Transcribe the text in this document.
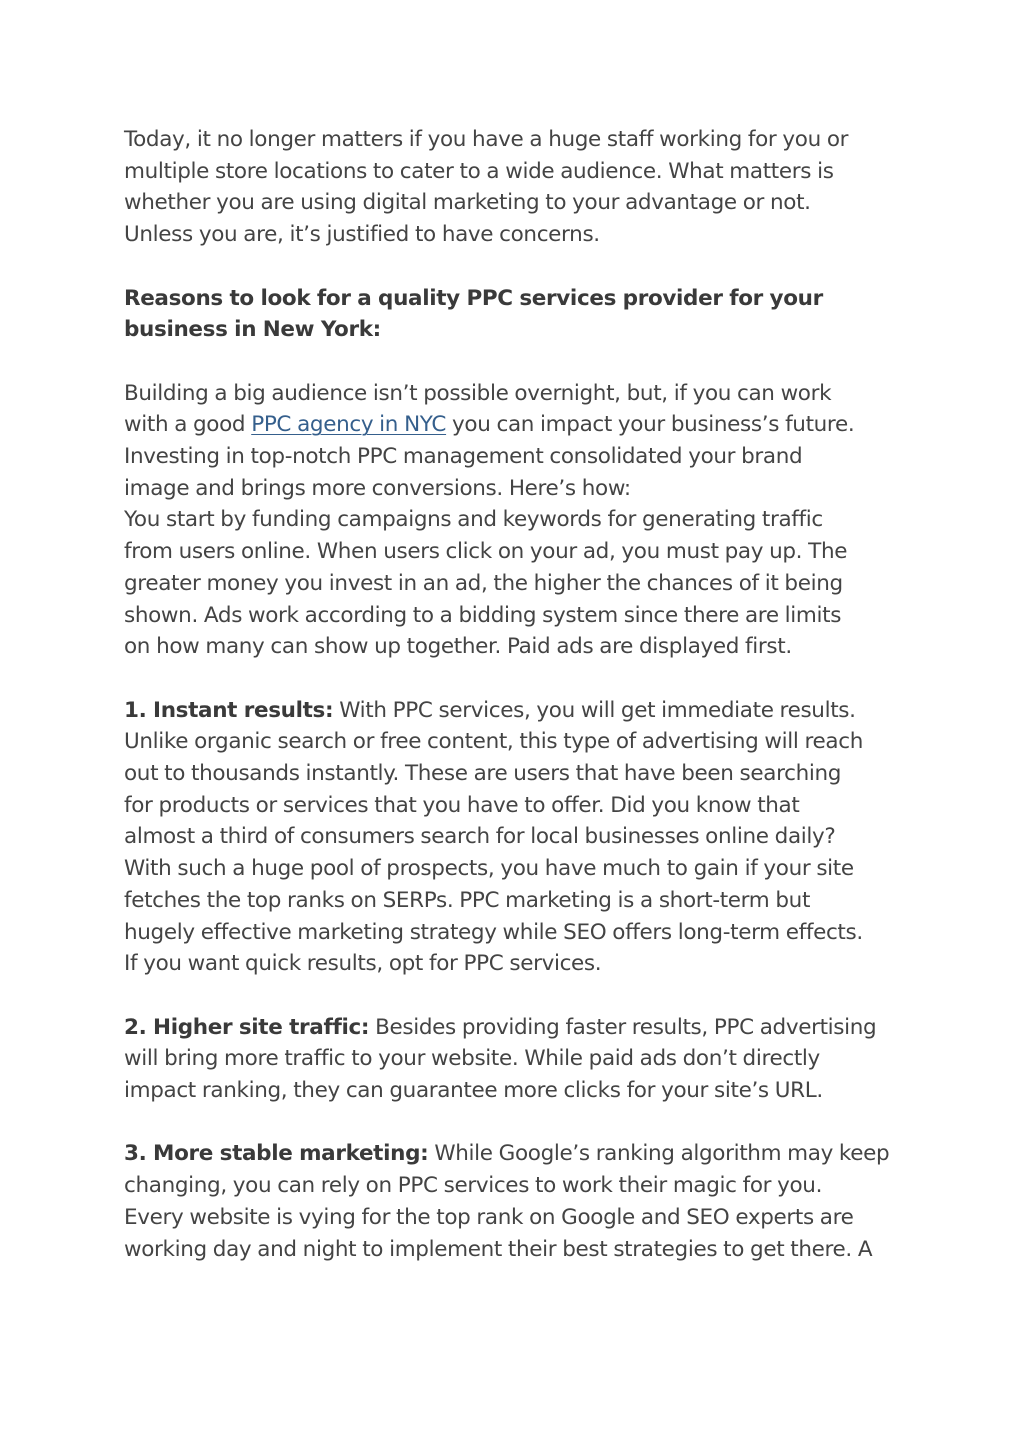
Today, it no longer matters if you have a huge staff working for you or
multiple store locations to cater to a wide audience. What matters is
whether you are using digital marketing to your advantage or not.
Unless you are, it’s justified to have concerns.
Reasons to look for a quality PPC services provider for your
business in New York:
Building a big audience isn’t possible overnight, but, if you can work
with a good PPC agency in NYC you can impact your business’s future.
Investing in top-notch PPC management consolidated your brand
image and brings more conversions. Here’s how:
You start by funding campaigns and keywords for generating traffic
from users online. When users click on your ad, you must pay up. The
greater money you invest in an ad, the higher the chances of it being
shown. Ads work according to a bidding system since there are limits
on how many can show up together. Paid ads are displayed first.
1. Instant results: With PPC services, you will get immediate results.
Unlike organic search or free content, this type of advertising will reach
out to thousands instantly. These are users that have been searching
for products or services that you have to offer. Did you know that
almost a third of consumers search for local businesses online daily?
With such a huge pool of prospects, you have much to gain if your site
fetches the top ranks on SERPs. PPC marketing is a short-term but
hugely effective marketing strategy while SEO offers long-term effects.
If you want quick results, opt for PPC services.
2. Higher site traffic: Besides providing faster results, PPC advertising
will bring more traffic to your website. While paid ads don’t directly
impact ranking, they can guarantee more clicks for your site’s URL.
3. More stable marketing: While Google’s ranking algorithm may keep
changing, you can rely on PPC services to work their magic for you.
Every website is vying for the top rank on Google and SEO experts are
working day and night to implement their best strategies to get there. A
